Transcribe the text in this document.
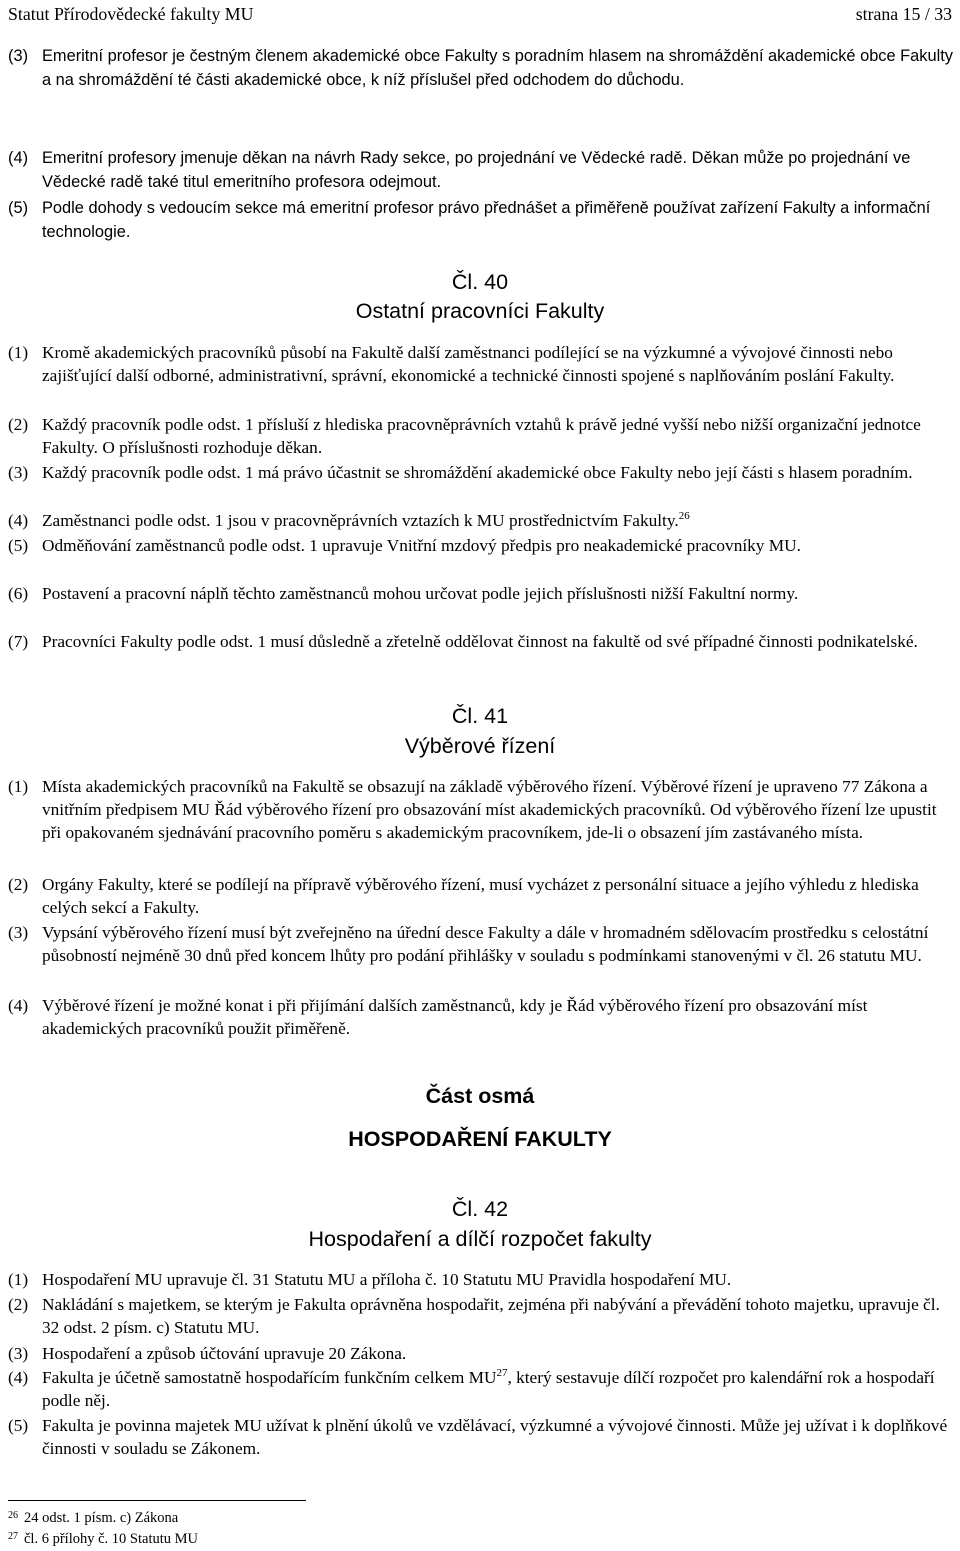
Statut Přírodovědecké fakulty MU	strana 15 / 33
(3) Emeritní profesor je čestným členem akademické obce Fakulty s poradním hlasem na shromáždění akademické obce Fakulty a na shromáždění té části akademické obce, k níž příslušel před odchodem do důchodu.
(4) Emeritní profesory jmenuje děkan na návrh Rady sekce, po projednání ve Vědecké radě. Děkan může po projednání ve Vědecké radě také titul emeritního profesora odejmout.
(5) Podle dohody s vedoucím sekce má emeritní profesor právo přednášet a přiměřeně používat zařízení Fakulty a informační technologie.
Čl. 40
Ostatní pracovníci Fakulty
(1) Kromě akademických pracovníků působí na Fakultě další zaměstnanci podílející se na výzkumné a vývojové činnosti nebo zajišťující další odborné, administrativní, správní, ekonomické a technické činnosti spojené s naplňováním poslání Fakulty.
(2) Každý pracovník podle odst. 1 přísluší z hlediska pracovněprávních vztahů k právě jedné vyšší nebo nižší organizační jednotce Fakulty. O příslušnosti rozhoduje děkan.
(3) Každý pracovník podle odst. 1 má právo účastnit se shromáždění akademické obce Fakulty nebo její části s hlasem poradním.
(4) Zaměstnanci podle odst. 1 jsou v pracovněprávních vztazích k MU prostřednictvím Fakulty.$^{26}$
(5) Odměňování zaměstnanců podle odst. 1 upravuje Vnitřní mzdový předpis pro neakademické pracovníky MU.
(6) Postavení a pracovní náplň těchto zaměstnanců mohou určovat podle jejich příslušnosti nižší Fakultní normy.
(7) Pracovníci Fakulty podle odst. 1 musí důsledně a zřetelně oddělovat činnost na fakultě od své případné činnosti podnikatelské.
Čl. 41
Výběrové řízení
(1) Místa akademických pracovníků na Fakultě se obsazují na základě výběrového řízení. Výběrové řízení je upraveno 77 Zákona a vnitřním předpisem MU Řád výběrového řízení pro obsazování míst akademických pracovníků. Od výběrového řízení lze upustit při opakovaném sjednávání pracovního poměru s akademickým pracovníkem, jde-li o obsazení jím zastávaného místa.
(2) Orgány Fakulty, které se podílejí na přípravě výběrového řízení, musí vycházet z personální situace a jejího výhledu z hlediska celých sekcí a Fakulty.
(3) Vypsání výběrového řízení musí být zveřejněno na úřední desce Fakulty a dále v hromadném sdělovacím prostředku s celostátní působností nejméně 30 dnů před koncem lhůty pro podání přihlášky v souladu s podmínkami stanovenými v čl. 26 statutu MU.
(4) Výběrové řízení je možné konat i při přijímání dalších zaměstnanců, kdy je Řád výběrového řízení pro obsazování míst akademických pracovníků použit přiměřeně.
Část osmá
HOSPODAŘENÍ FAKULTY
Čl. 42
Hospodaření a dílčí rozpočet fakulty
(1) Hospodaření MU upravuje čl. 31 Statutu MU a příloha č. 10 Statutu MU Pravidla hospodaření MU.
(2) Nakládání s majetkem, se kterým je Fakulta oprávněna hospodařit, zejména při nabývání a převádění tohoto majetku, upravuje čl. 32 odst. 2 písm. c) Statutu MU.
(3) Hospodaření a způsob účtování upravuje 20 Zákona.
(4) Fakulta je účetně samostatně hospodařícím funkčním celkem MU$^{27}$, který sestavuje dílčí rozpočet pro kalendářní rok a hospodaří podle něj.
(5) Fakulta je povinna majetek MU užívat k plnění úkolů ve vzdělávací, výzkumné a vývojové činnosti. Může jej užívat i k doplňkové činnosti v souladu se Zákonem.
$^{26}$ 24 odst. 1 písm. c) Zákona
$^{27}$ čl. 6 přílohy č. 10 Statutu MU
